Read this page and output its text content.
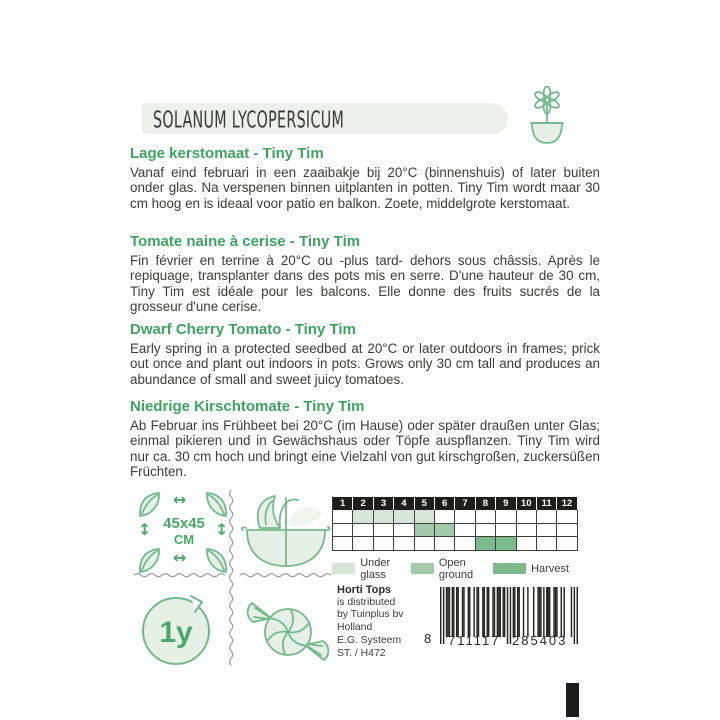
SOLANUM LYCOPERSICUM
Lage kerstomaat - Tiny Tim
Vanaf eind februari in een zaaibakje bij 20°C (binnenshuis) of later buiten onder glas. Na verspenen binnen uitplanten in potten. Tiny Tim wordt maar 30 cm hoog en is ideaal voor patio en balkon. Zoete, middelgrote kerstomaat.
Tomate naine à cerise - Tiny Tim
Fin février en terrine à 20°C ou -plus tard- dehors sous châssis. Après le repiquage, transplanter dans des pots mis en serre. D'une hauteur de 30 cm, Tiny Tim est idéale pour les balcons. Elle donne des fruits sucrés de la grosseur d'une cerise.
Dwarf Cherry Tomato - Tiny Tim
Early spring in a protected seedbed at 20°C or later outdoors in frames; prick out once and plant out indoors in pots. Grows only 30 cm tall and produces an abundance of small and sweet juicy tomatoes.
Niedrige Kirschtomate - Tiny Tim
Ab Februar ins Frühbeet bei 20°C (im Hause) oder später draußen unter Glas; einmal pikieren und in Gewächshaus oder Töpfe auspflanzen. Tiny Tim wird nur ca. 30 cm hoch und bringt eine Vielzahl von gut kirschgroßen, zuckersüßen Früchten.
↔
↔
↕	↕
45x45
CM
1y
1	2	3	4	5	6	7	8	9	10	11	12
Under glass
Open ground	Harvest
Horti Tops
is distributed
by Tuinplus bv
Holland
E.G. Systeem
ST. / H472
8 711117 285403
